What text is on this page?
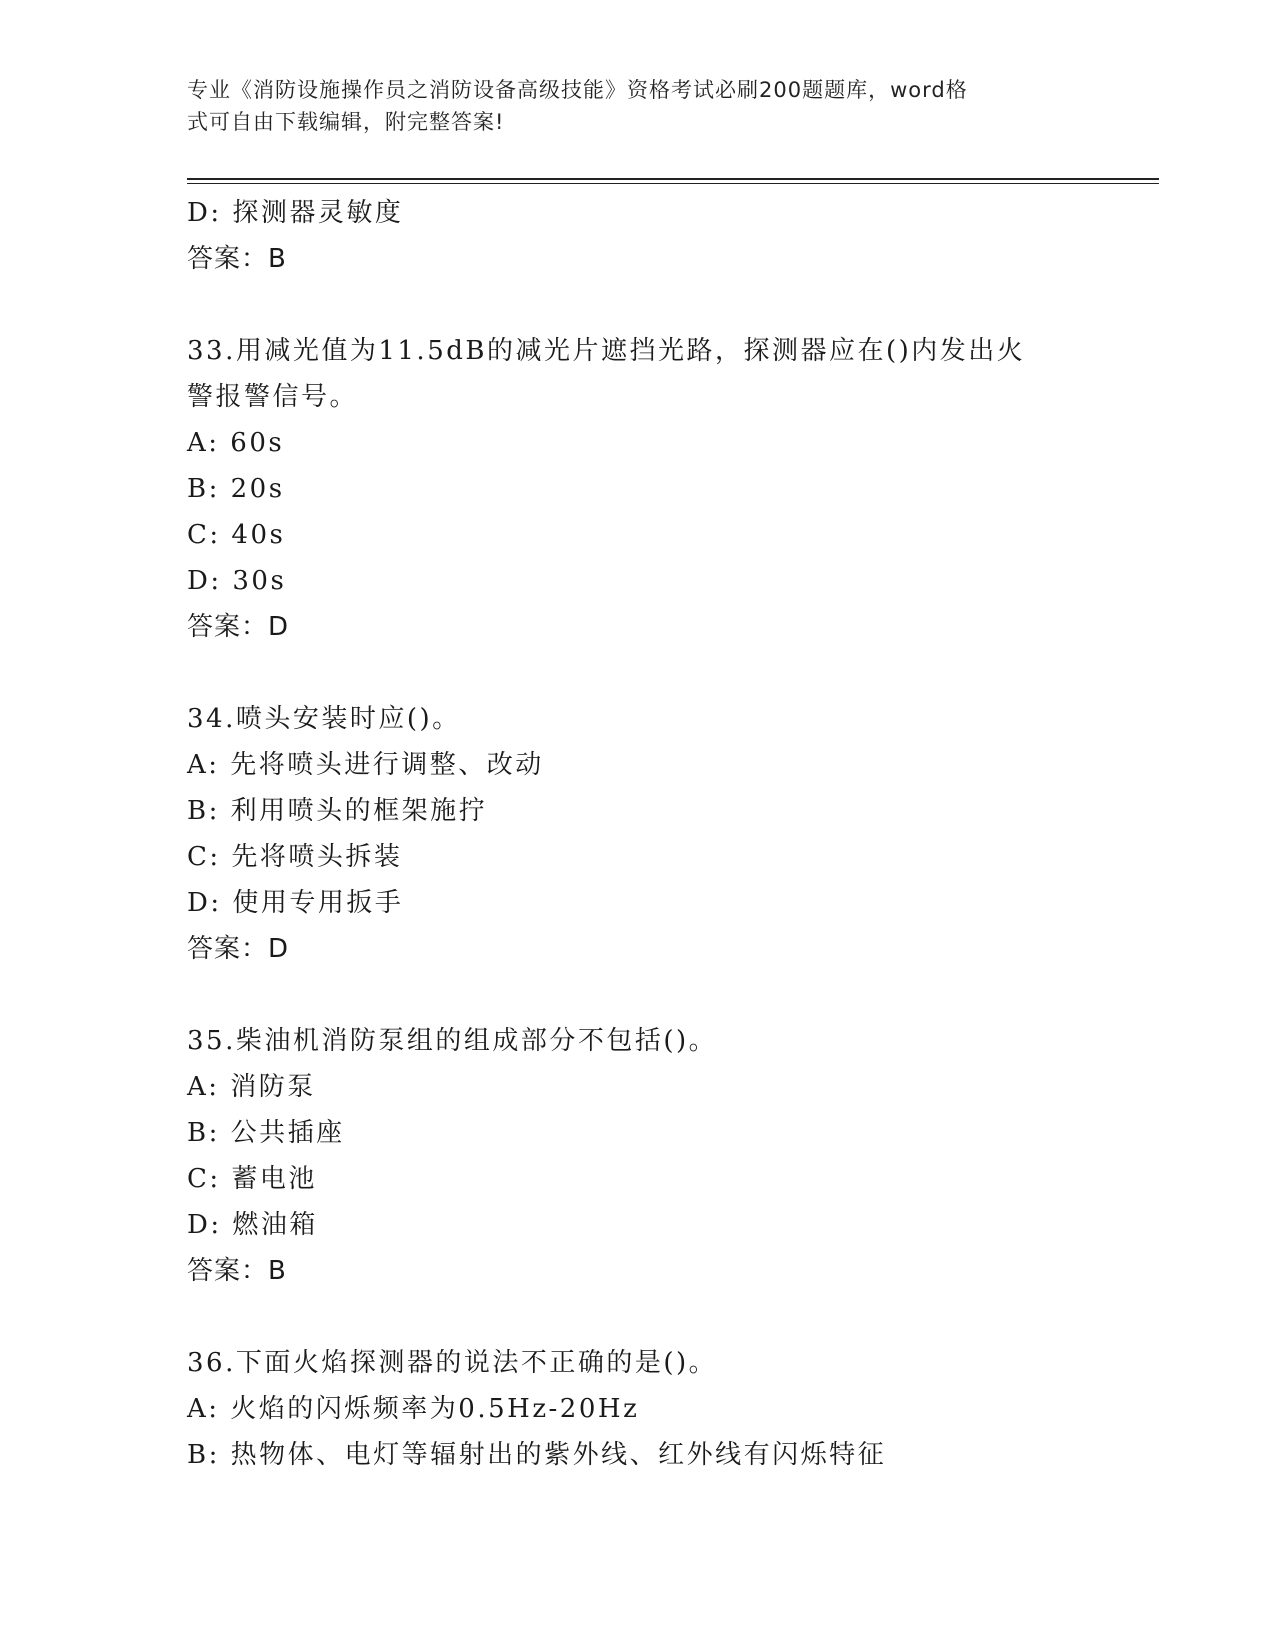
专业《消防设施操作员之消防设备高级技能》资格考试必刷200题题库，word格
式可自由下载编辑，附完整答案!
D: 探测器灵敏度
答案：B
33.用减光值为11.5dB的减光片遮挡光路，探测器应在()内发出火
警报警信号。
A: 60s
B: 20s
C: 40s
D: 30s
答案：D
34.喷头安装时应()。
A: 先将喷头进行调整、改动
B: 利用喷头的框架施拧
C: 先将喷头拆装
D: 使用专用扳手
答案：D
35.柴油机消防泵组的组成部分不包括()。
A: 消防泵
B: 公共插座
C: 蓄电池
D: 燃油箱
答案：B
36.下面火焰探测器的说法不正确的是()。
A: 火焰的闪烁频率为0.5Hz-20Hz
B: 热物体、电灯等辐射出的紫外线、红外线有闪烁特征
